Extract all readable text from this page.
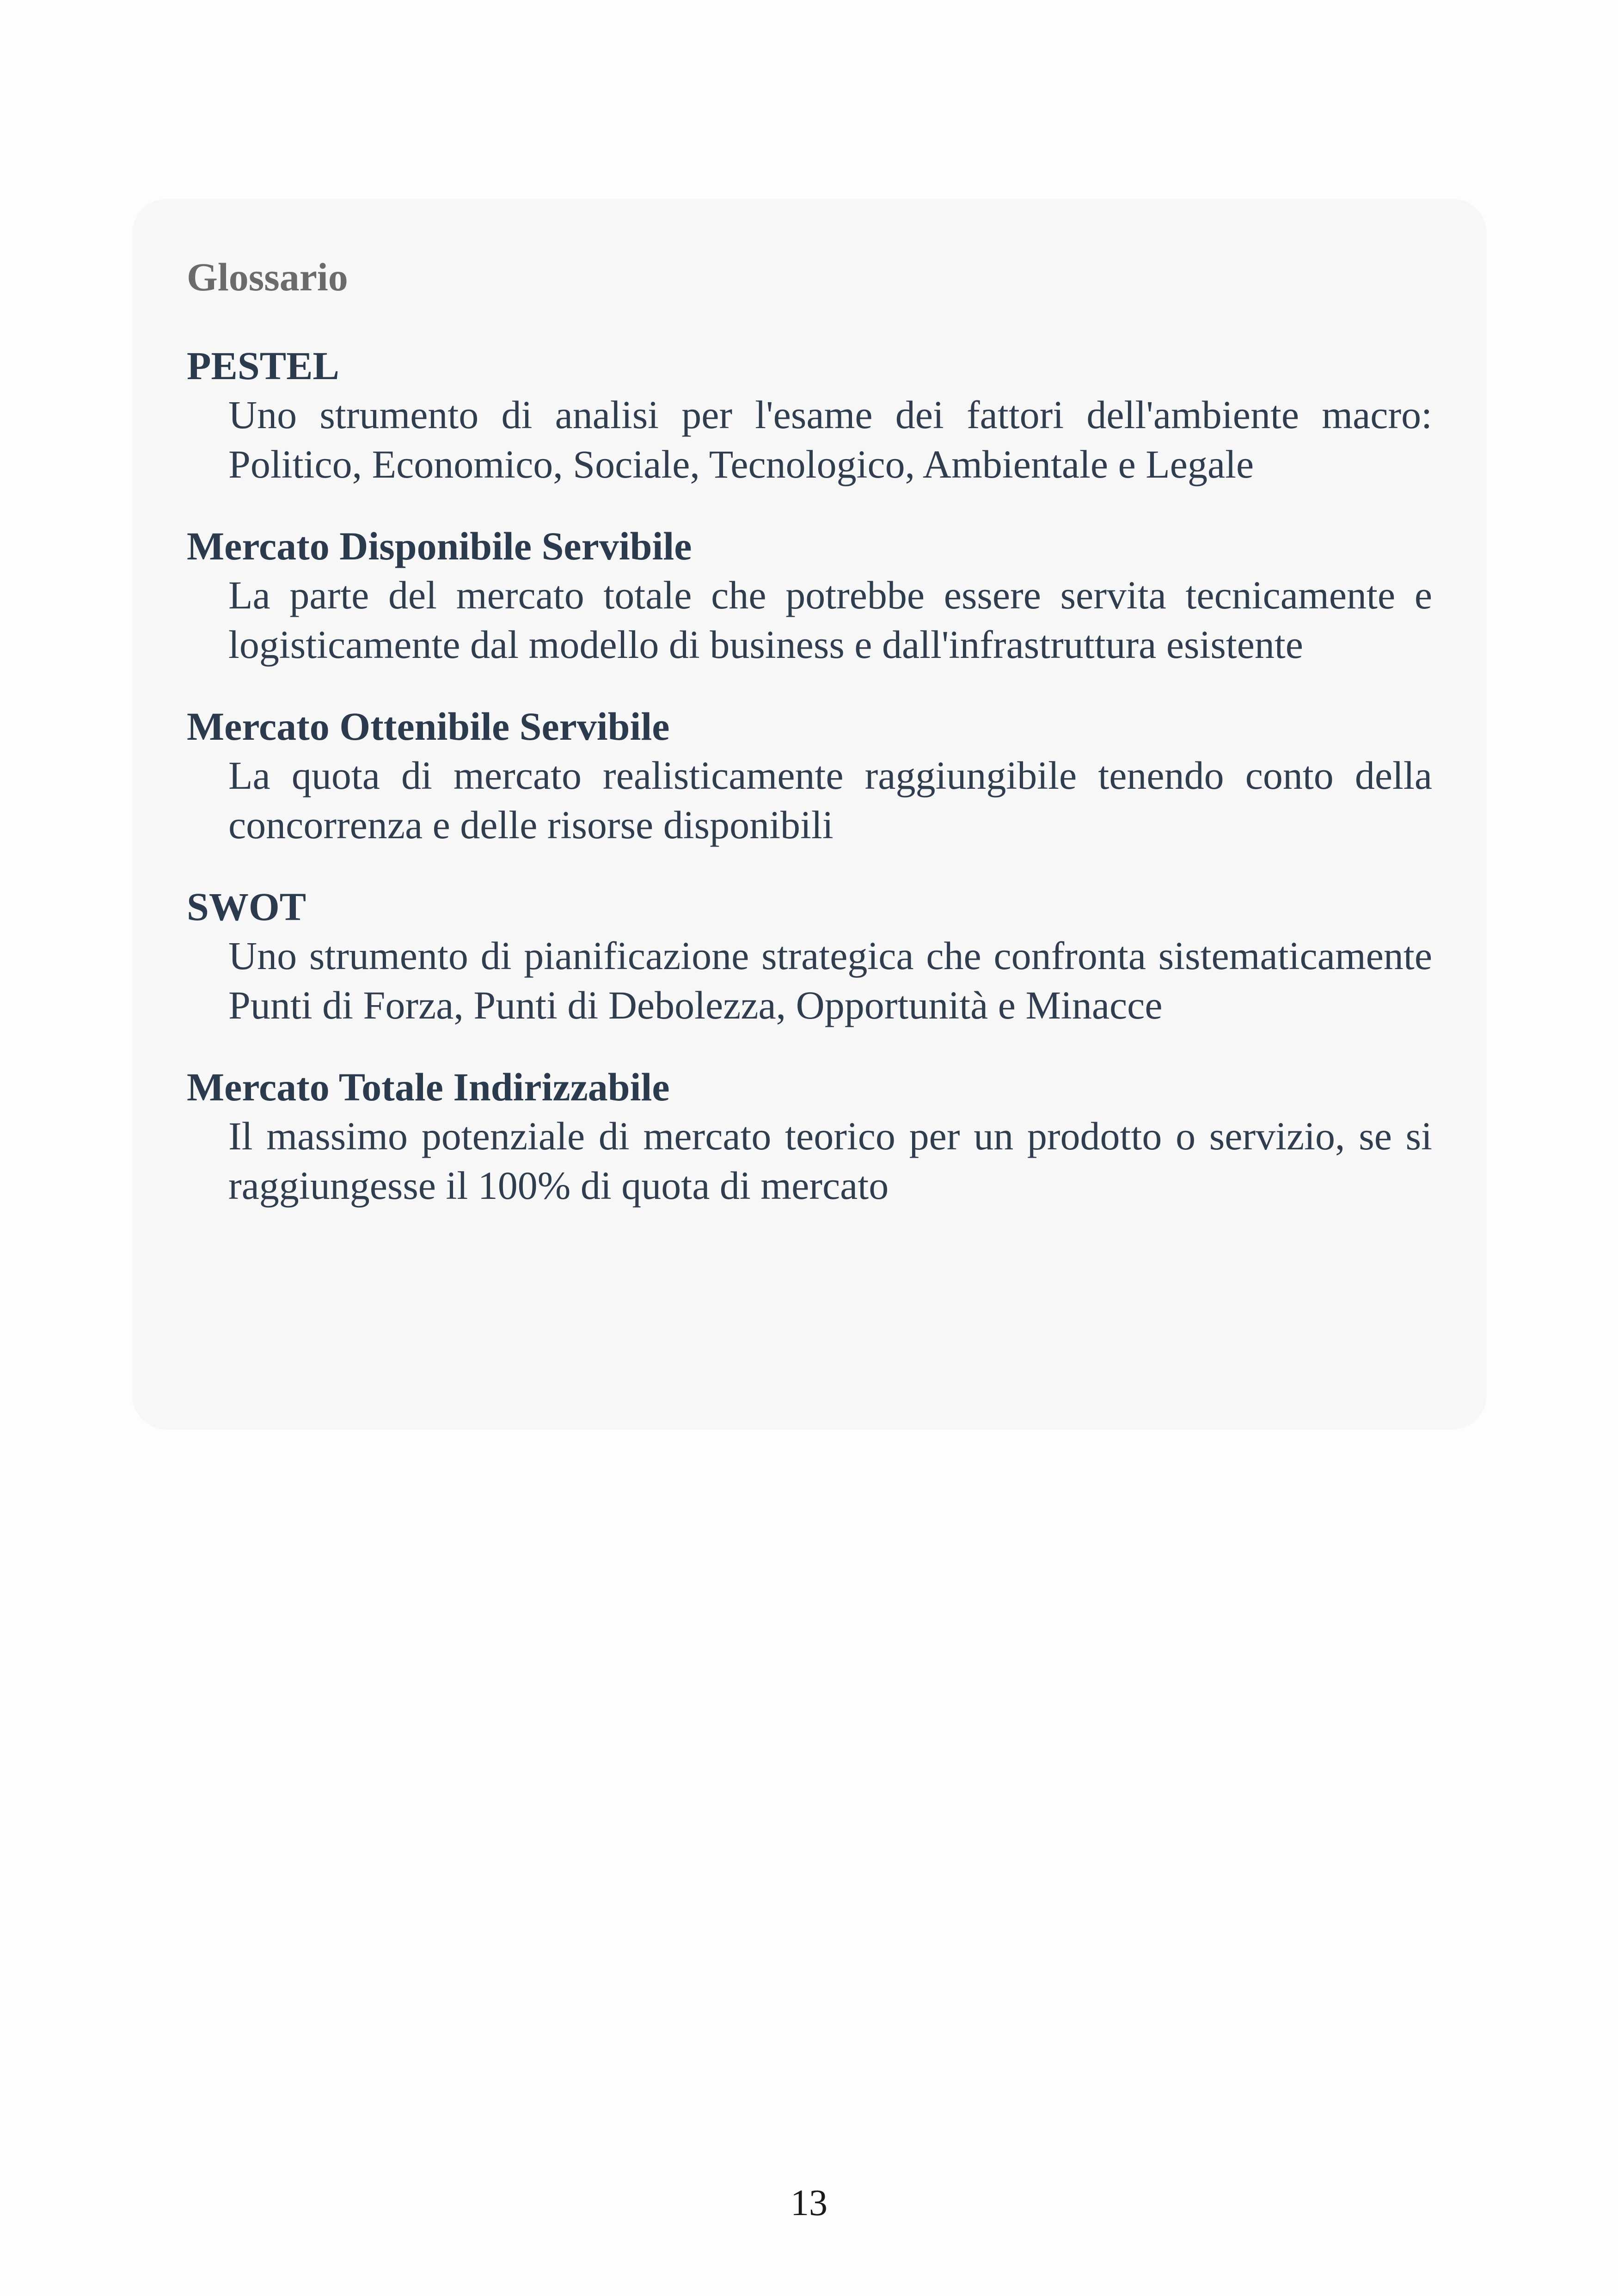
Glossario
PESTEL
Uno strumento di analisi per l'esame dei fattori dell'ambiente macro: Politico, Economico, Sociale, Tecnologico, Ambientale e Legale
Mercato Disponibile Servibile
La parte del mercato totale che potrebbe essere servita tecnicamente e logisticamente dal modello di business e dall'infrastruttura esistente
Mercato Ottenibile Servibile
La quota di mercato realisticamente raggiungibile tenendo conto della concorrenza e delle risorse disponibili
SWOT
Uno strumento di pianificazione strategica che confronta sistematicamente Punti di Forza, Punti di Debolezza, Opportunità e Minacce
Mercato Totale Indirizzabile
Il massimo potenziale di mercato teorico per un prodotto o servizio, se si raggiungesse il 100% di quota di mercato
13
